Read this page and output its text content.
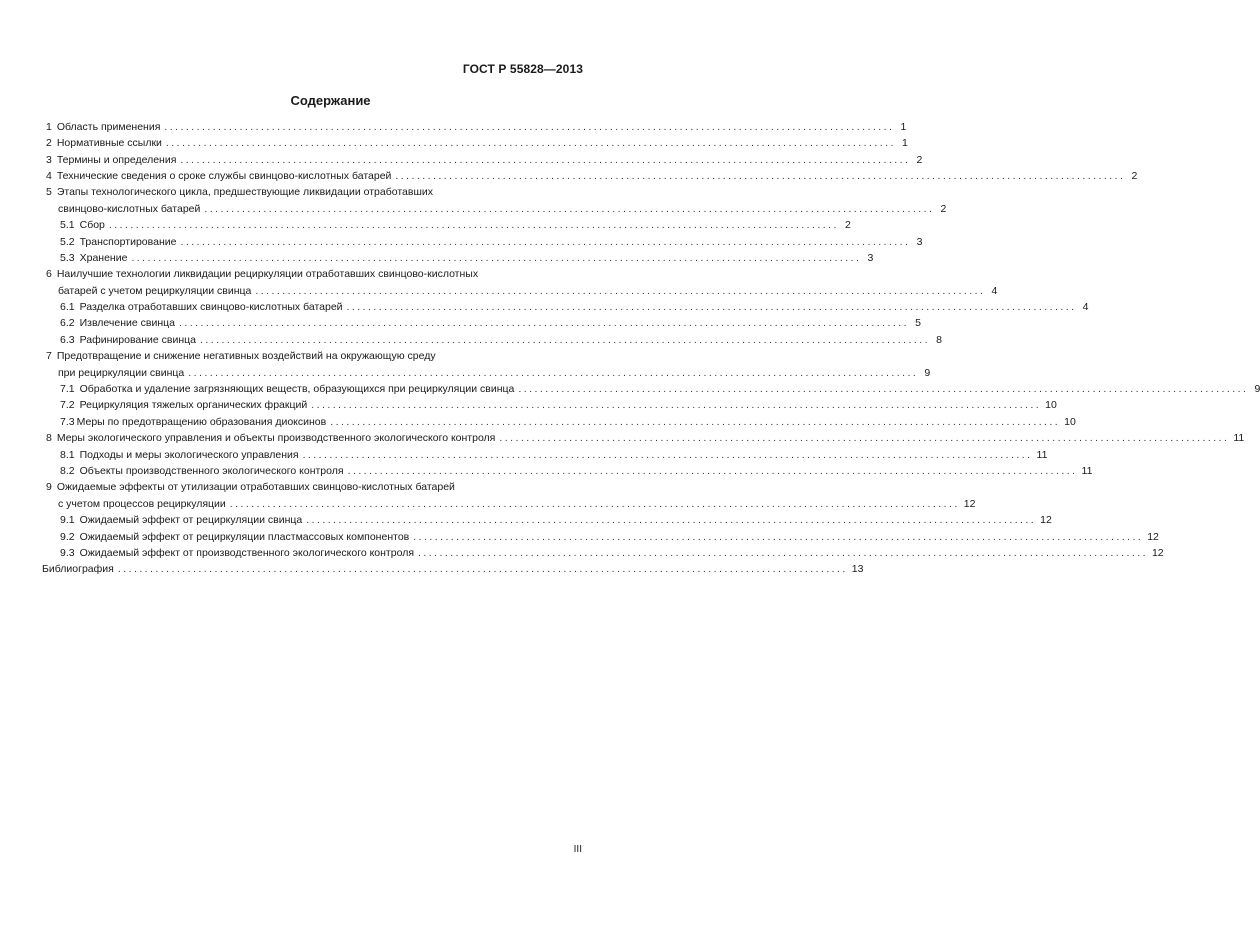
ГОСТ Р 55828—2013
Содержание
1 Область применения ........................................................................................................................................ 1
2 Нормативные ссылки ........................................................................................................................................ 1
3 Термины и определения ........................................................................................................................................ 2
4 Технические сведения о сроке службы свинцово-кислотных батарей ........................................................................................................................................ 2
5 Этапы технологического цикла, предшествующие ликвидации отработавших
свинцово-кислотных батарей ........................................................................................................................................ 2
5.1 Сбор ........................................................................................................................................ 2
5.2 Транспортирование ........................................................................................................................................ 3
5.3 Хранение ........................................................................................................................................ 3
6 Наилучшие технологии ликвидации рециркуляции отработавших свинцово-кислотных
батарей с учетом рециркуляции свинца ........................................................................................................................................ 4
6.1 Разделка отработавших свинцово-кислотных батарей ........................................................................................................................................ 4
6.2 Извлечение свинца ........................................................................................................................................ 5
6.3 Рафинирование свинца ........................................................................................................................................ 8
7 Предотвращение и снижение негативных воздействий на окружающую среду
при рециркуляции свинца ........................................................................................................................................ 9
7.1 Обработка и удаление загрязняющих веществ, образующихся при рециркуляции свинца ........................................................................................................................................ 9
7.2 Рециркуляция тяжелых органических фракций ........................................................................................................................................ 10
7.3 Меры по предотвращению образования диоксинов ........................................................................................................................................ 10
8 Меры экологического управления и объекты производственного экологического контроля ........................................................................................................................................ 11
8.1 Подходы и меры экологического управления ........................................................................................................................................ 11
8.2 Объекты производственного экологического контроля ........................................................................................................................................ 11
9 Ожидаемые эффекты от утилизации отработавших свинцово-кислотных батарей
с учетом процессов рециркуляции ........................................................................................................................................ 12
9.1 Ожидаемый эффект от рециркуляции свинца ........................................................................................................................................ 12
9.2 Ожидаемый эффект от рециркуляции пластмассовых компонентов ........................................................................................................................................ 12
9.3 Ожидаемый эффект от производственного экологического контроля ........................................................................................................................................ 12
Библиография ........................................................................................................................................ 13
III
